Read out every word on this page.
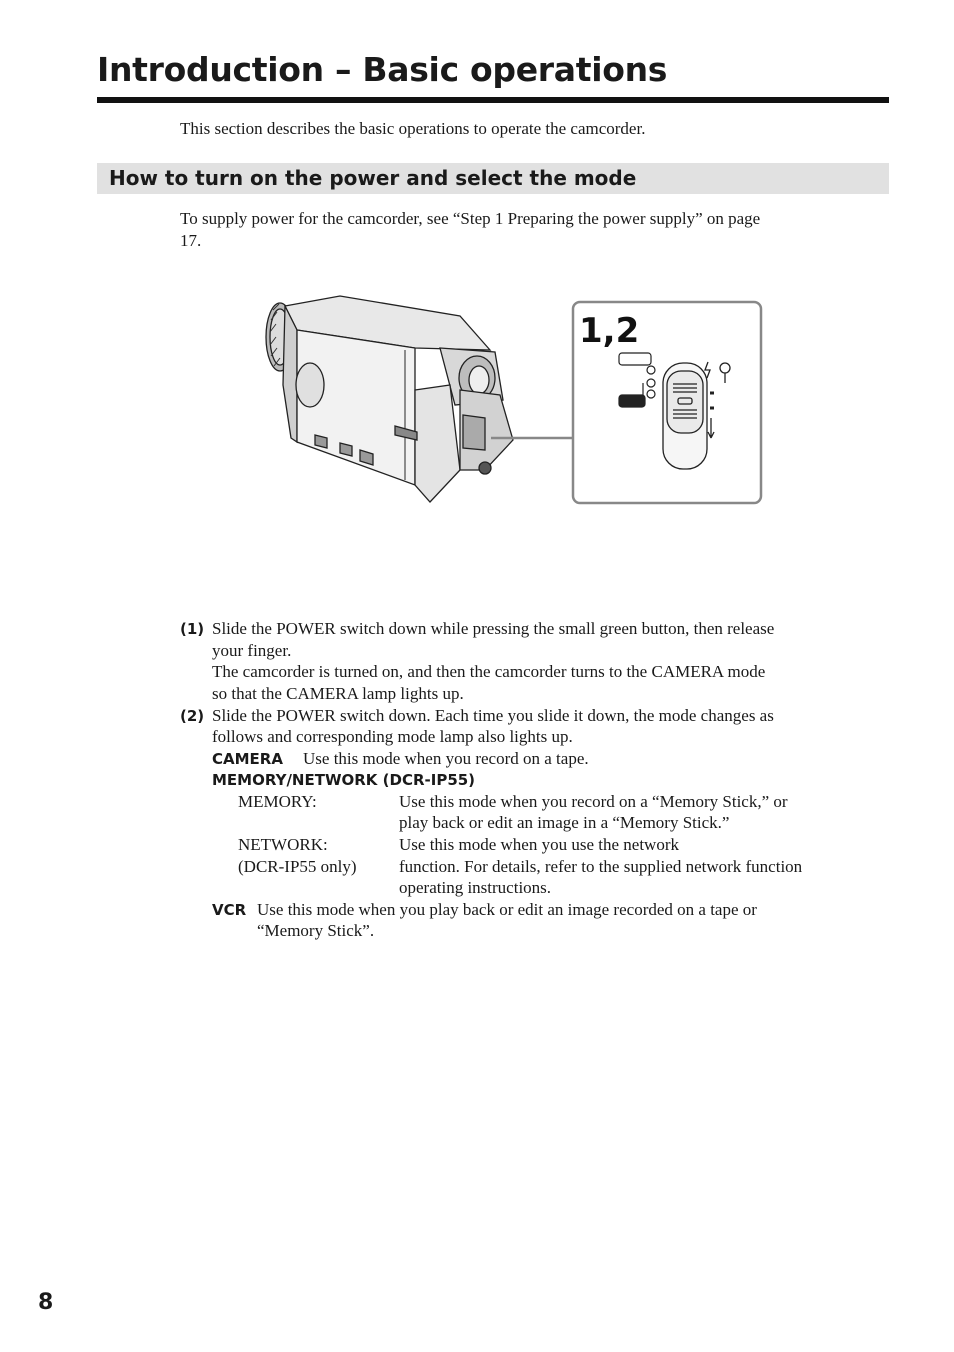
Introduction – Basic operations
This section describes the basic operations to operate the camcorder.
How to turn on the power and select the mode
To supply power for the camcorder, see “Step 1 Preparing the power supply” on page
17.
1,2
(1) Slide the POWER switch down while pressing the small green button, then release
your finger.
The camcorder is turned on, and then the camcorder turns to the CAMERA mode
so that the CAMERA lamp lights up.
(2) Slide the POWER switch down. Each time you slide it down, the mode changes as
follows and corresponding mode lamp also lights up.
CAMERA Use this mode when you record on a tape.
MEMORY/NETWORK (DCR-IP55)
MEMORY:	Use this mode when you record on a “Memory Stick,” or
play back or edit an image in a “Memory Stick.”
NETWORK:
(DCR-IP55 only)
Use this mode when you use the network
function. For details, refer to the supplied network function
operating instructions.
VCR Use this mode when you play back or edit an image recorded on a tape or
“Memory Stick”.
8
